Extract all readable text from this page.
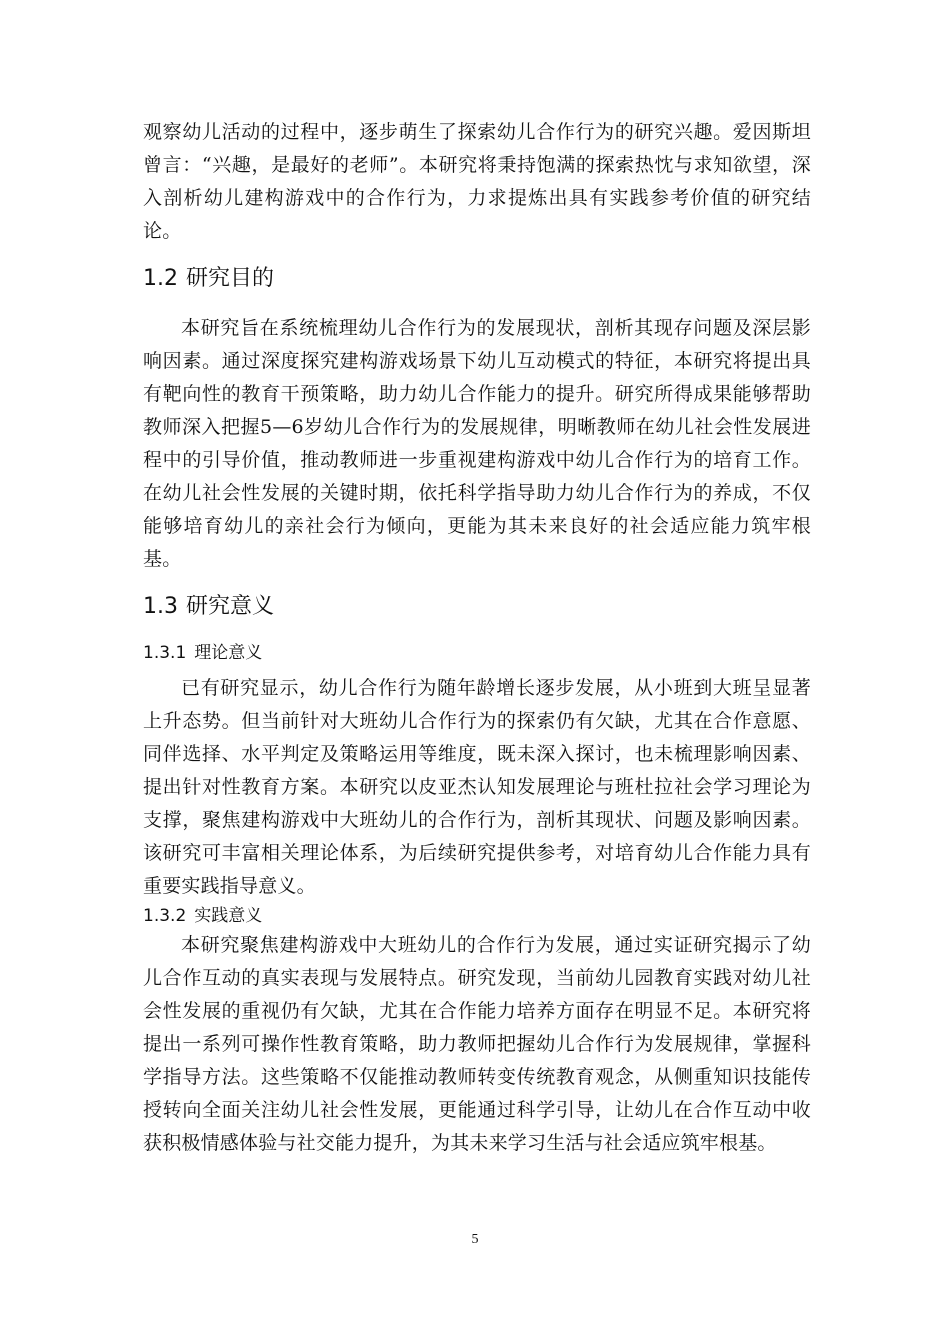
观察幼儿活动的过程中，逐步萌生了探索幼儿合作行为的研究兴趣。爱因斯坦曾言：“兴趣，是最好的老师”。本研究将秉持饱满的探索热忱与求知欲望，深入剖析幼儿建构游戏中的合作行为，力求提炼出具有实践参考价值的研究结论。

1.2 研究目的

本研究旨在系统梳理幼儿合作行为的发展现状，剖析其现存问题及深层影响因素。通过深度探究建构游戏场景下幼儿互动模式的特征，本研究将提出具有靶向性的教育干预策略，助力幼儿合作能力的提升。研究所得成果能够帮助教师深入把握5—6岁幼儿合作行为的发展规律，明晰教师在幼儿社会性发展进程中的引导价值，推动教师进一步重视建构游戏中幼儿合作行为的培育工作。在幼儿社会性发展的关键时期，依托科学指导助力幼儿合作行为的养成，不仅能够培育幼儿的亲社会行为倾向，更能为其未来良好的社会适应能力筑牢根基。

1.3 研究意义
1.3.1 理论意义

已有研究显示，幼儿合作行为随年龄增长逐步发展，从小班到大班呈显著上升态势。但当前针对大班幼儿合作行为的探索仍有欠缺，尤其在合作意愿、同伴选择、水平判定及策略运用等维度，既未深入探讨，也未梳理影响因素、提出针对性教育方案。本研究以皮亚杰认知发展理论与班杜拉社会学习理论为支撑，聚焦建构游戏中大班幼儿的合作行为，剖析其现状、问题及影响因素。该研究可丰富相关理论体系，为后续研究提供参考，对培育幼儿合作能力具有重要实践指导意义。

1.3.2 实践意义

本研究聚焦建构游戏中大班幼儿的合作行为发展，通过实证研究揭示了幼儿合作互动的真实表现与发展特点。研究发现，当前幼儿园教育实践对幼儿社会性发展的重视仍有欠缺，尤其在合作能力培养方面存在明显不足。本研究将提出一系列可操作性教育策略，助力教师把握幼儿合作行为发展规律，掌握科学指导方法。这些策略不仅能推动教师转变传统教育观念，从侧重知识技能传授转向全面关注幼儿社会性发展，更能通过科学引导，让幼儿在合作互动中收获积极情感体验与社交能力提升，为其未来学习生活与社会适应筑牢根基。

5
